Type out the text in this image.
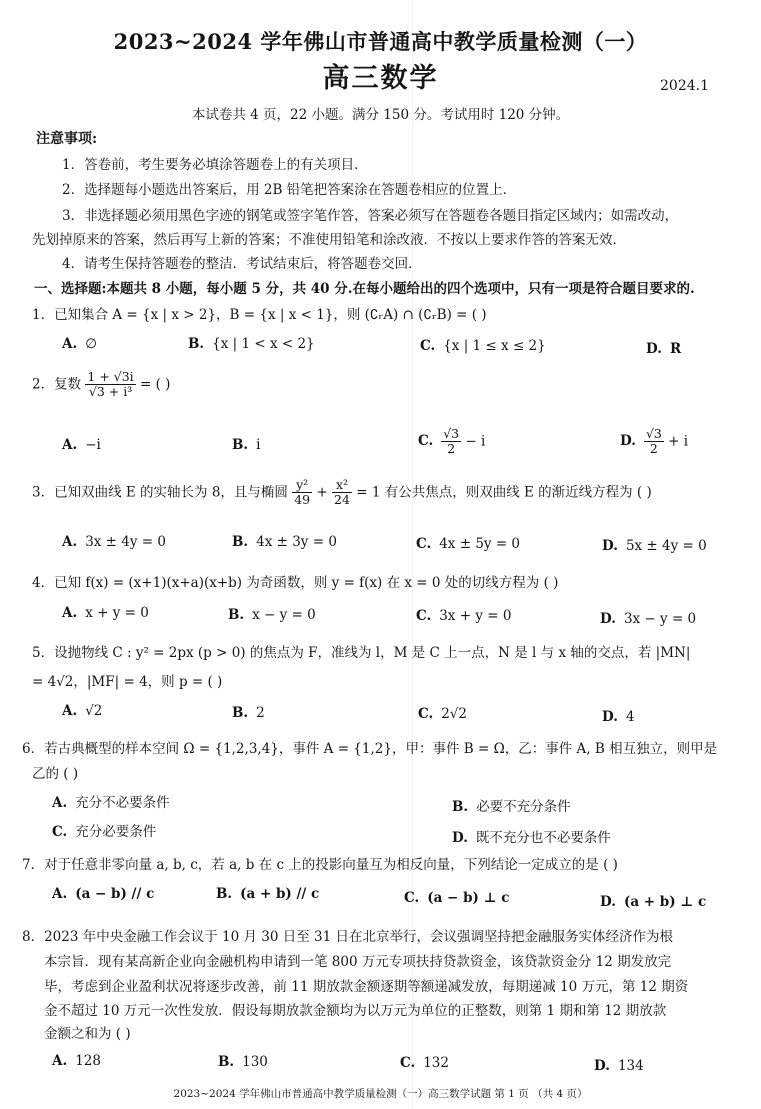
2023~2024 学年佛山市普通高中教学质量检测（一）
高三数学	2024.1
本试卷共 4 页，22 小题。满分 150 分。考试用时 120 分钟。
注意事项:
1．答卷前，考生要务必填涂答题卷上的有关项目．
2．选择题每小题选出答案后，用 2B 铅笔把答案涂在答题卷相应的位置上．
3．非选择题必须用黑色字迹的钢笔或签字笔作答，答案必须写在答题卷各题目指定区域内；如需改动，
先划掉原来的答案，然后再写上新的答案；不准使用铅笔和涂改液．不按以上要求作答的答案无效．
4．请考生保持答题卷的整洁．考试结束后，将答题卷交回．
一、选择题:本题共 8 小题，每小题 5 分，共 40 分.在每小题给出的四个选项中，只有一项是符合题目要求的.
1．已知集合 A = {x | x > 2}，B = {x | x < 1}，则 (∁ᵣA) ∩ (∁ᵣB) = ( )
A. ∅	B. {x | 1 < x < 2}	C. {x | 1 ≤ x ≤ 2}	D. R
2．复数 $\frac{1 + √3i}{\text{√3 + i³}}$ = ( )
A. −i	B. i	C. $\frac{√3}{2} - i$	D. $\frac{√3}{2} + i$
3．已知双曲线 E 的实轴长为 8，且与椭圆 $\frac{\text{y²}}{49} + \frac{\text{x²}}{24} = 1$ 有公共焦点，则双曲线 E 的渐近线方程为 ( )
A. 3x ± 4y = 0	B. 4x ± 3y = 0	C. 4x ± 5y = 0	D. 5x ± 4y = 0
4．已知 f(x) = (x+1)(x+a)(x+b) 为奇函数，则 y = f(x) 在 x = 0 处的切线方程为 ( )
A. x + y = 0	B. x − y = 0	C. 3x + y = 0	D. 3x − y = 0
5．设抛物线 C : y² = 2px (p > 0) 的焦点为 F，准线为 l，M 是 C 上一点，N 是 l 与 x 轴的交点，若 |MN|
= 4√2，|MF| = 4，则 p = ( )
A. √2	B. 2	C. 2√2	D. 4
6．若古典概型的样本空间 Ω = {1,2,3,4}，事件 A = {1,2}，甲：事件 B = Ω，乙：事件 A, B 相互独立，则甲是
乙的 ( )
A. 充分不必要条件	B. 必要不充分条件
C. 充分必要条件	D. 既不充分也不必要条件
7．对于任意非零向量 a, b, c，若 a, b 在 c 上的投影向量互为相反向量，下列结论一定成立的是 ( )
A. (a − b) // c	B. (a + b) // c	C. (a − b) ⊥ c	D. (a + b) ⊥ c
8．2023 年中央金融工作会议于 10 月 30 日至 31 日在北京举行，会议强调坚持把金融服务实体经济作为根
本宗旨．现有某高新企业向金融机构申请到一笔 800 万元专项扶持贷款资金，该贷款资金分 12 期发放完
毕，考虑到企业盈利状况将逐步改善，前 11 期放款金额逐期等额递减发放，每期递减 10 万元，第 12 期资
金不超过 10 万元一次性发放．假设每期放款金额均为以万元为单位的正整数，则第 1 期和第 12 期放款
金额之和为 ( )
A. 128	B. 130	C. 132	D. 134
2023~2024 学年佛山市普通高中教学质量检测（一）高三数学试题 第 1 页 （共 4 页）
